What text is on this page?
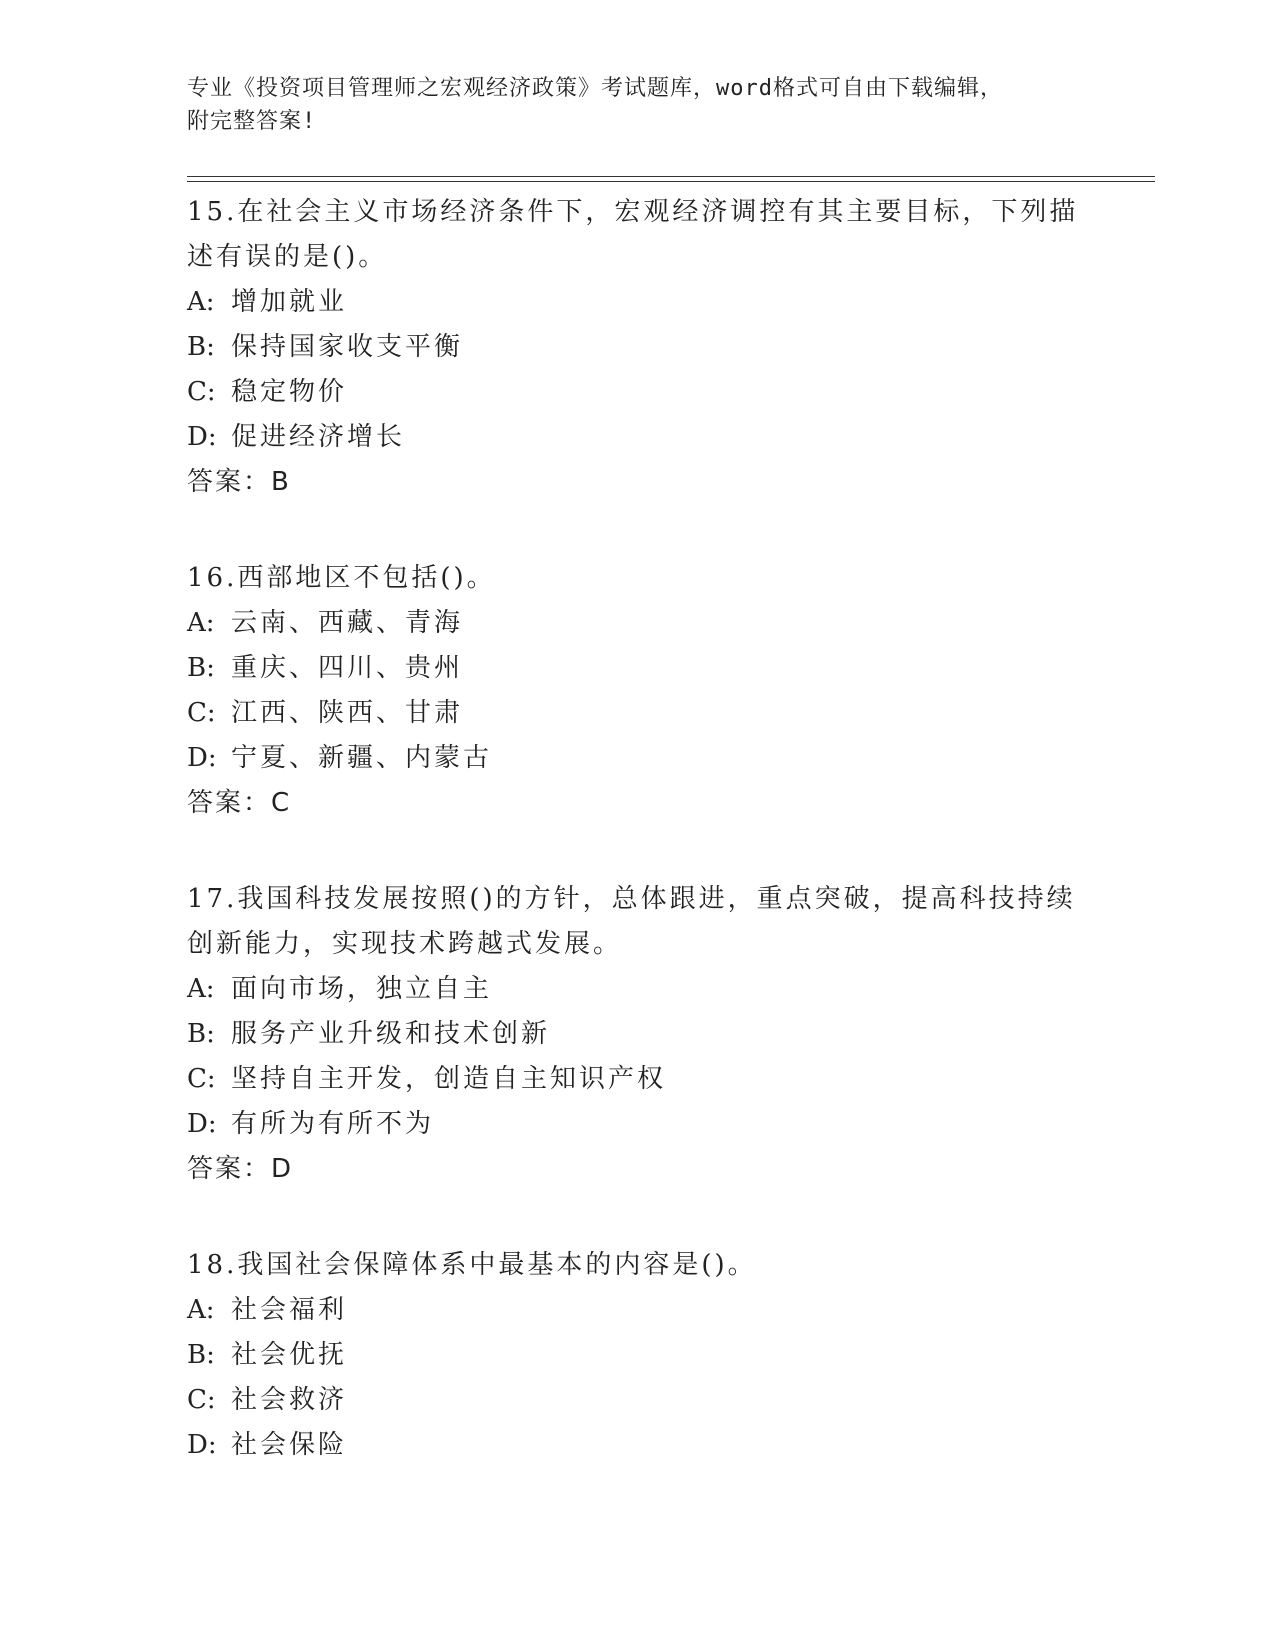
专业《投资项目管理师之宏观经济政策》考试题库，word格式可自由下载编辑，
附完整答案!
15.在社会主义市场经济条件下，宏观经济调控有其主要目标，下列描
述有误的是()。
A: 增加就业
B: 保持国家收支平衡
C: 稳定物价
D: 促进经济增长
答案：B
16.西部地区不包括()。
A: 云南、西藏、青海
B: 重庆、四川、贵州
C: 江西、陕西、甘肃
D: 宁夏、新疆、内蒙古
答案：C
17.我国科技发展按照()的方针，总体跟进，重点突破，提高科技持续
创新能力，实现技术跨越式发展。
A: 面向市场，独立自主
B: 服务产业升级和技术创新
C: 坚持自主开发，创造自主知识产权
D: 有所为有所不为
答案：D
18.我国社会保障体系中最基本的内容是()。
A: 社会福利
B: 社会优抚
C: 社会救济
D: 社会保险
